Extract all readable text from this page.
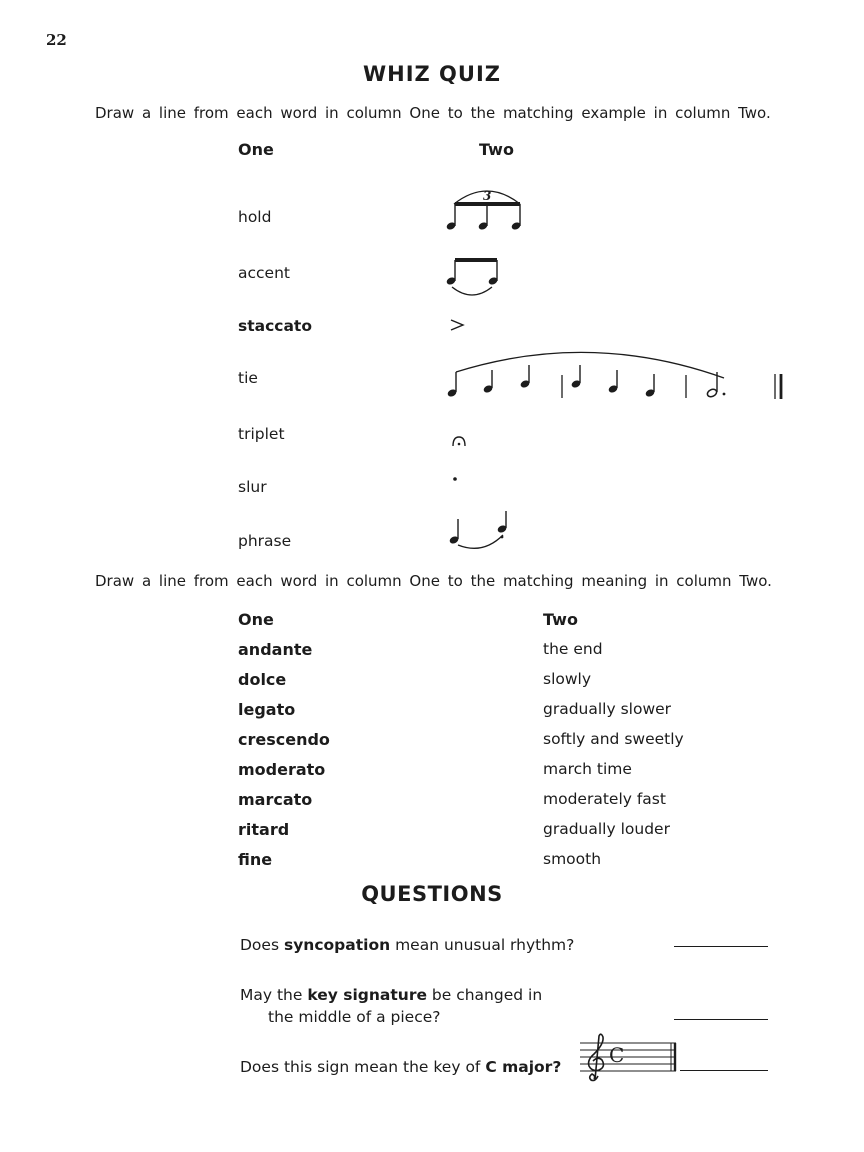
22
WHIZ QUIZ
Draw a line from each word in column One to the matching example in column Two.
One	Two
hold
accent
staccato
tie
triplet
slur
phrase
3
Draw a line from each word in column One to the matching meaning in column Two.
One	Two
andante
dolce
legato
crescendo
moderato
marcato
ritard
fine
the end
slowly
gradually slower
softly and sweetly
march time
moderately fast
gradually louder
smooth
QUESTIONS
Does syncopation mean unusual rhythm?
May the key signature be changed in
the middle of a piece?
Does this sign mean the key of C major? C
